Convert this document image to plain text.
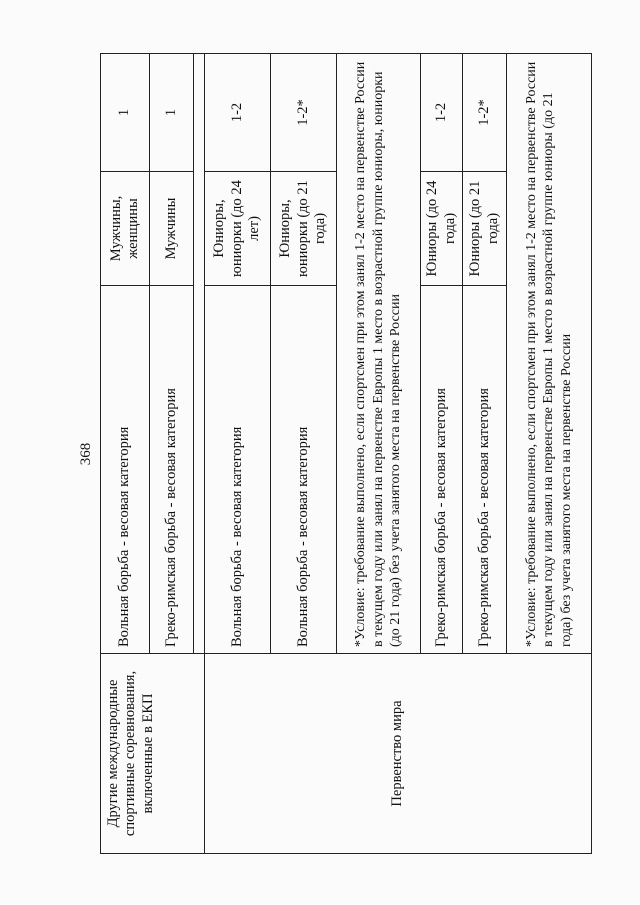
368
Другие международные спортивные соревнования, включенные в ЕКП	Вольная борьба - весовая категория	Мужчины, женщины	1
	Греко-римская борьба - весовая категория	Мужчины	1

Первенство мира	Вольная борьба - весовая категория	Юниоры, юниорки (до 24 лет)	1-2
	Вольная борьба - весовая категория	Юниоры, юниорки (до 21 года)	1-2*
	*Условие: требование выполнено, если спортсмен при этом занял 1-2 место на первенстве России в текущем году или занял на первенстве Европы 1 место в возрастной группе юниоры, юниорки (до 21 года) без учета занятого места на первенстве России		
	Греко-римская борьба - весовая категория	Юниоры (до 24 года)	1-2
	Греко-римская борьба - весовая категория	Юниоры (до 21 года)	1-2*
	*Условие: требование выполнено, если спортсмен при этом занял 1-2 место на первенстве России в текущем году или занял на первенстве Европы 1 место в возрастной группе юниоры (до 21 года) без учета занятого места на первенстве России		
